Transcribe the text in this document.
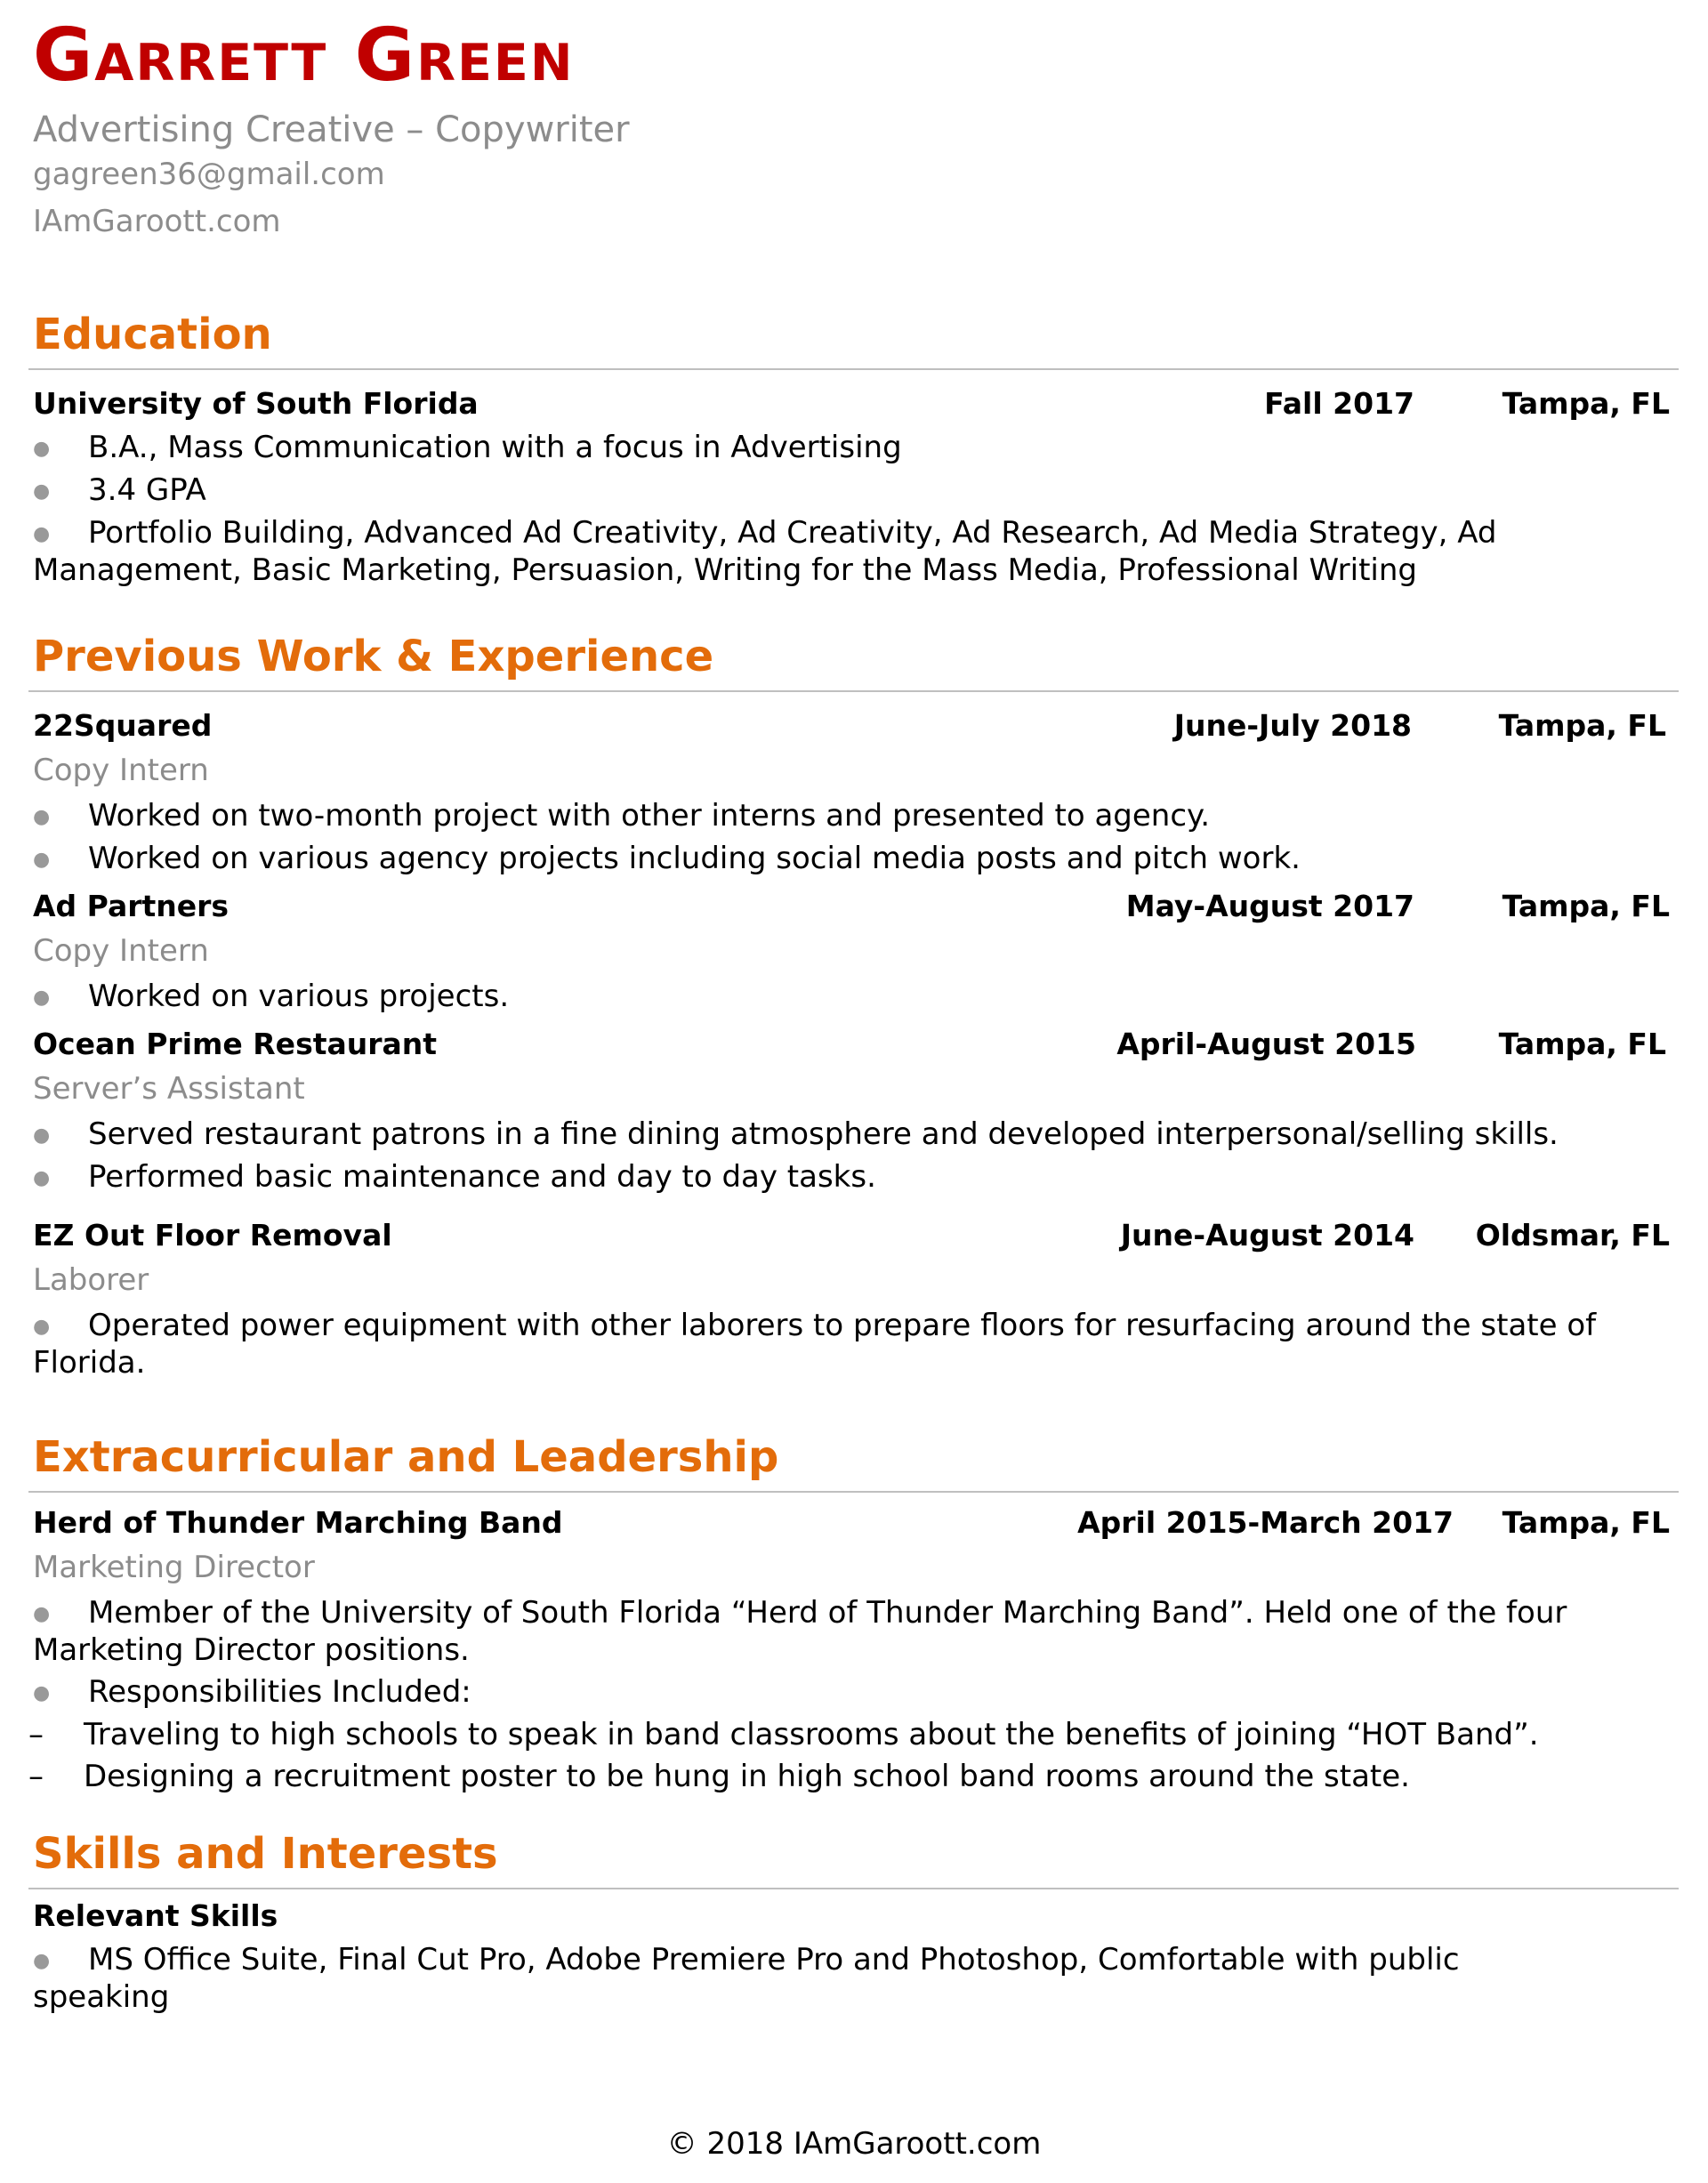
Garrett Green
Advertising Creative – Copywriter
gagreen36@gmail.com
IAmGaroott.com
Education
University of South Florida	Fall 2017	Tampa, FL
● B.A., Mass Communication with a focus in Advertising
● 3.4 GPA
● Portfolio Building, Advanced Ad Creativity, Ad Creativity, Ad Research, Ad Media Strategy, Ad Management, Basic Marketing, Persuasion, Writing for the Mass Media, Professional Writing
Previous Work & Experience
22Squared	June-July 2018	Tampa, FL
Copy Intern
● Worked on two-month project with other interns and presented to agency.
● Worked on various agency projects including social media posts and pitch work.
Ad Partners	May-August 2017	Tampa, FL
Copy Intern
● Worked on various projects.
Ocean Prime Restaurant	April-August 2015	Tampa, FL
Server’s Assistant
● Served restaurant patrons in a fine dining atmosphere and developed interpersonal/selling skills.
● Performed basic maintenance and day to day tasks.
EZ Out Floor Removal	June-August 2014 Oldsmar, FL
Laborer
● Operated power equipment with other laborers to prepare floors for resurfacing around the state of Florida.
Extracurricular and Leadership
Herd of Thunder Marching Band	April 2015-March 2017 Tampa, FL
Marketing Director
● Member of the University of South Florida “Herd of Thunder Marching Band”. Held one of the four Marketing Director positions.
● Responsibilities Included:
– Traveling to high schools to speak in band classrooms about the benefits of joining “HOT Band”.
– Designing a recruitment poster to be hung in high school band rooms around the state.
Skills and Interests
Relevant Skills
● MS Office Suite, Final Cut Pro, Adobe Premiere Pro and Photoshop, Comfortable with public speaking
© 2018 IAmGaroott.com
